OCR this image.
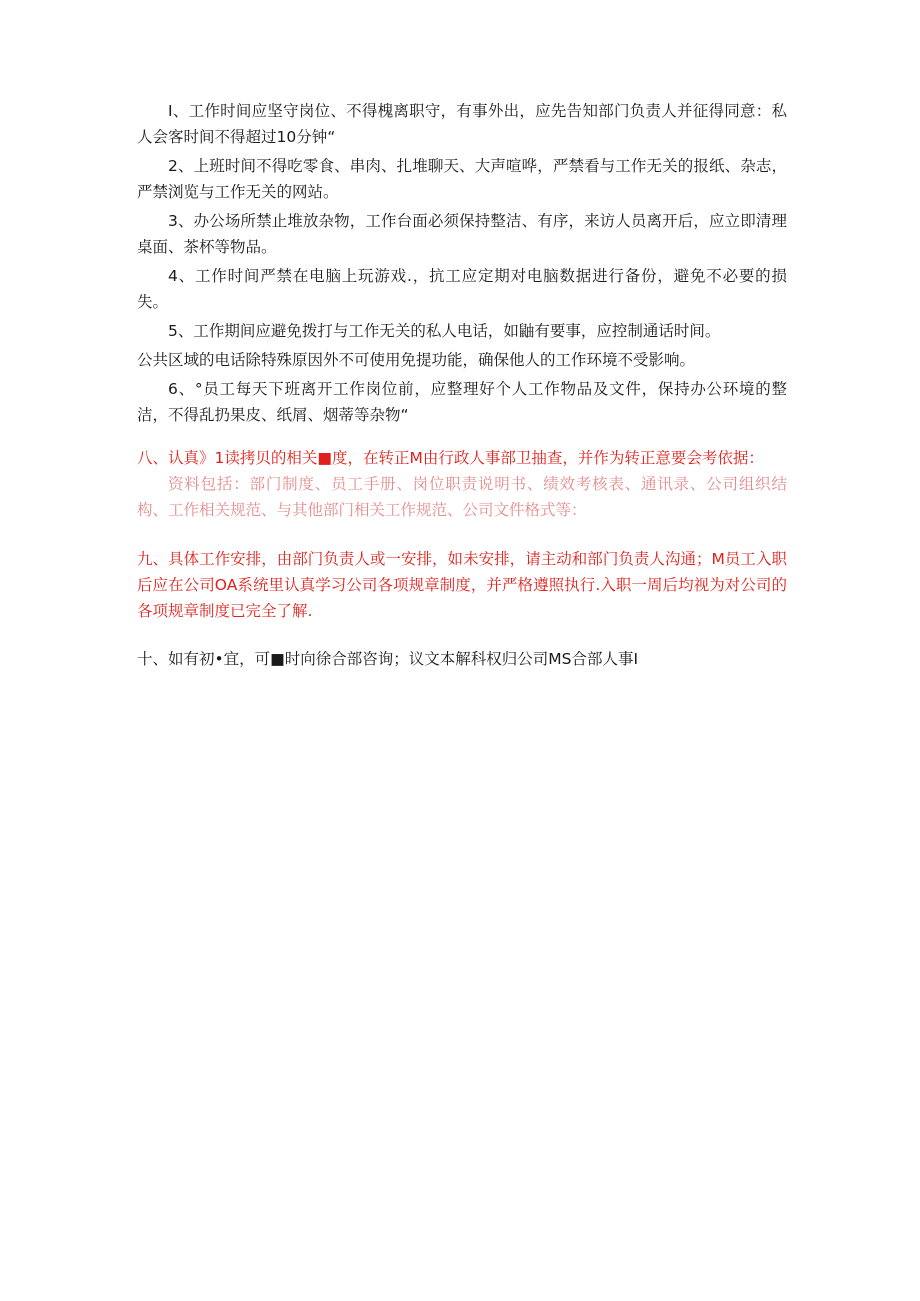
I、工作时间应坚守岗位、不得槐离职守，有事外出，应先告知部门负责人并征得同意：私人会客时间不得超过10分钟“

2、上班时间不得吃零食、串肉、扎堆聊天、大声喧哗，严禁看与工作无关的报纸、杂志，严禁浏览与工作无关的网站。

3、办公场所禁止堆放杂物，工作台面必须保持整洁、有序，来访人员离开后，应立即清理桌面、茶杯等物品。

4、工作时间严禁在电脑上玩游戏.，抗工应定期对电脑数据进行备份，避免不必要的损失。

5、工作期间应避免拨打与工作无关的私人电话，如鼬有要事，应控制通话时间。

公共区域的电话除特殊原因外不可使用免提功能，确保他人的工作环境不受影响。

6、°员工每天下班离开工作岗位前，应整理好个人工作物品及文件，保持办公环境的整洁，不得乱扔果皮、纸屑、烟蒂等杂物“

八、认真》1读拷贝的相关■度，在转正M由行政人事部卫抽查，并作为转正意要会考依据：

资料包括：部门制度、员工手册、岗位职责说明书、绩效考核表、通讯录、公司组织结构、工作相关规范、与其他部门相关工作规范、公司文件格式等：

九、具体工作安排，由部门负责人或一安排，如未安排，请主动和部门负责人沟通；M员工入职后应在公司OA系统里认真学习公司各项规章制度，并严格遵照执行.入职一周后均视为对公司的各项规章制度已完全了解.

十、如有初•宜，可■时向徐合部咨询；议文本解科权归公司MS合部人事I
